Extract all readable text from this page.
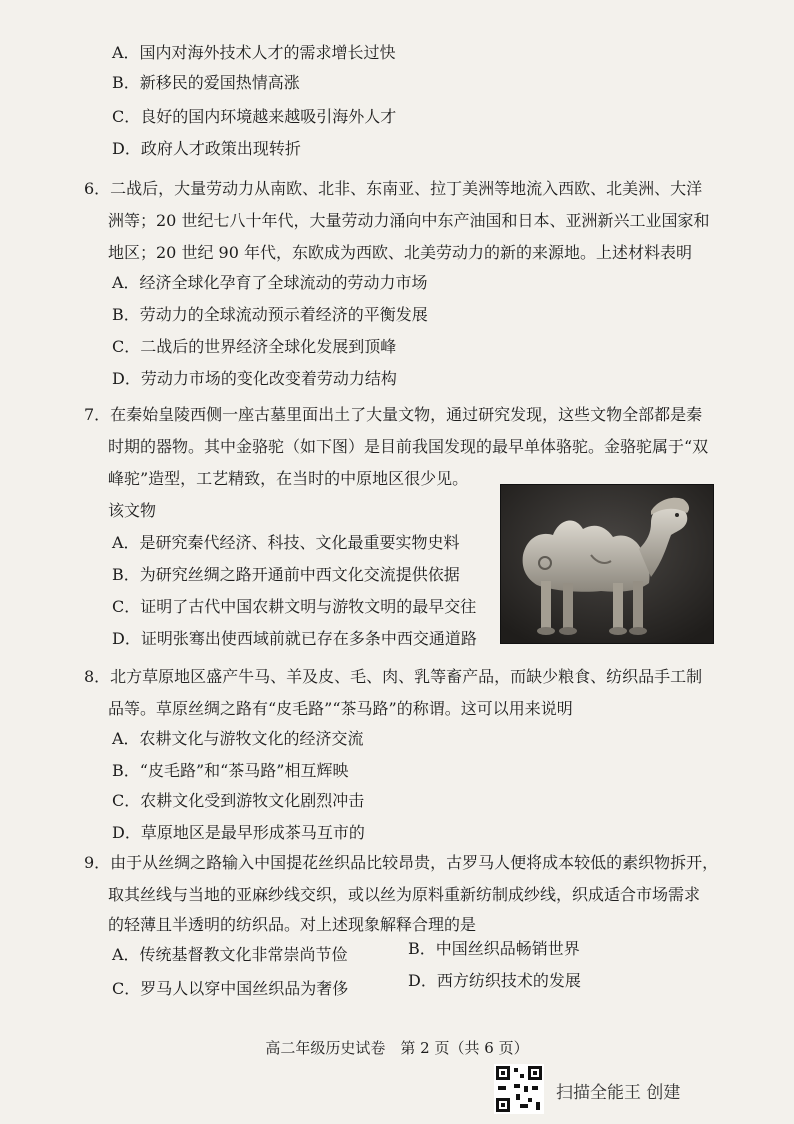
A．国内对海外技术人才的需求增长过快
B．新移民的爱国热情高涨
C．良好的国内环境越来越吸引海外人才
D．政府人才政策出现转折
6．二战后，大量劳动力从南欧、北非、东南亚、拉丁美洲等地流入西欧、北美洲、大洋
洲等；20 世纪七八十年代，大量劳动力涌向中东产油国和日本、亚洲新兴工业国家和
地区；20 世纪 90 年代，东欧成为西欧、北美劳动力的新的来源地。上述材料表明
A．经济全球化孕育了全球流动的劳动力市场
B．劳动力的全球流动预示着经济的平衡发展
C．二战后的世界经济全球化发展到顶峰
D．劳动力市场的变化改变着劳动力结构
7．在秦始皇陵西侧一座古墓里面出土了大量文物，通过研究发现，这些文物全部都是秦
时期的器物。其中金骆驼（如下图）是目前我国发现的最早单体骆驼。金骆驼属于“双
峰驼”造型，工艺精致，在当时的中原地区很少见。
该文物
A．是研究秦代经济、科技、文化最重要实物史料
B．为研究丝绸之路开通前中西文化交流提供依据
C．证明了古代中国农耕文明与游牧文明的最早交往
D．证明张骞出使西域前就已存在多条中西交通道路
8．北方草原地区盛产牛马、羊及皮、毛、肉、乳等畜产品，而缺少粮食、纺织品手工制
品等。草原丝绸之路有“皮毛路”“茶马路”的称谓。这可以用来说明
A．农耕文化与游牧文化的经济交流
B．“皮毛路”和“茶马路”相互辉映
C．农耕文化受到游牧文化剧烈冲击
D．草原地区是最早形成茶马互市的
9．由于从丝绸之路输入中国提花丝织品比较昂贵，古罗马人便将成本较低的素织物拆开，
取其丝线与当地的亚麻纱线交织，或以丝为原料重新纺制成纱线，织成适合市场需求
的轻薄且半透明的纺织品。对上述现象解释合理的是
A．传统基督教文化非常崇尚节俭	B．中国丝织品畅销世界
C．罗马人以穿中国丝织品为奢侈	D．西方纺织技术的发展
高二年级历史试卷　第 2 页（共 6 页）
扫描全能王 创建
